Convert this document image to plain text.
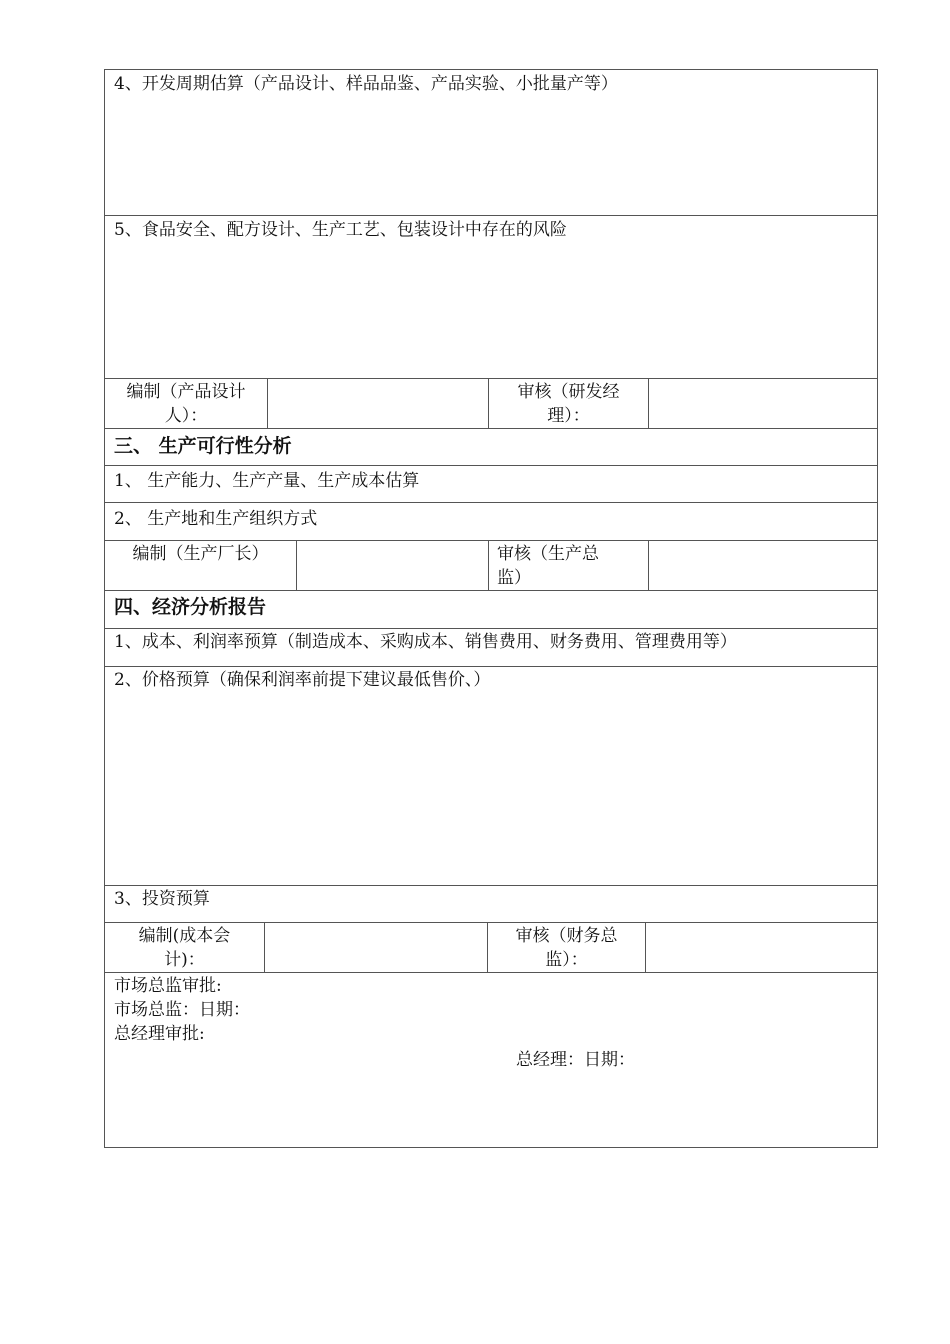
4、开发周期估算（产品设计、样品品鉴、产品实验、小批量产等）
5、食品安全、配方设计、生产工艺、包装设计中存在的风险
编制（产品设计
人）：
审核（研发经
理）：
三、 生产可行性分析
1、 生产能力、生产产量、生产成本估算
2、 生产地和生产组织方式
编制（生产厂长）	审核（生产总
监）
四、经济分析报告
1、成本、利润率预算（制造成本、采购成本、销售费用、财务费用、管理费用等）
2、价格预算（确保利润率前提下建议最低售价、）
3、投资预算
编制(成本会
计)：
审核（财务总
监）：
市场总监审批:
市场总监：日期：
总经理审批:
总经理：日期：
